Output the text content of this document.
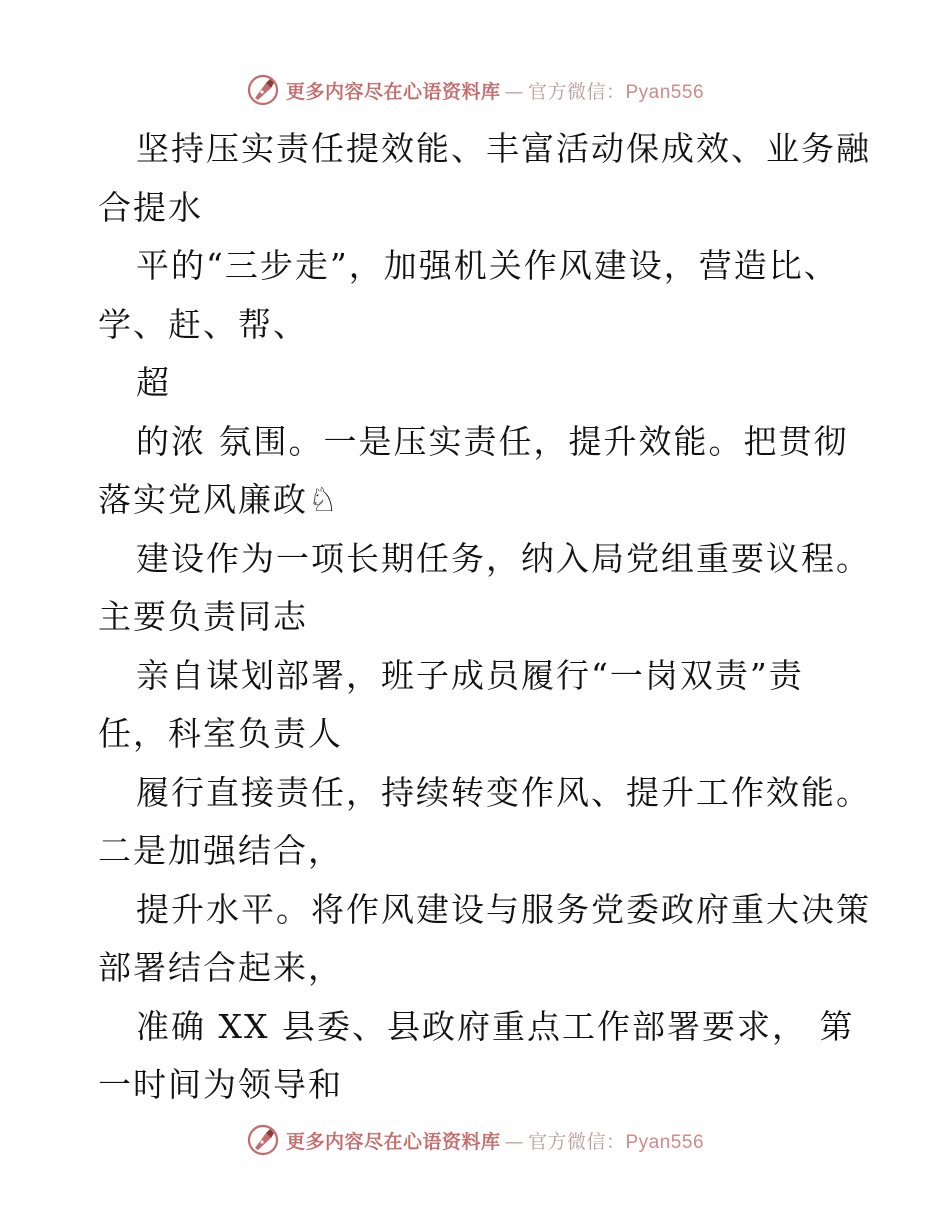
更多内容尽在心语资料库 — 官方微信：Pyan556
坚持压实责任提效能、丰富活动保成效、业务融
合提水
平的“三步走”，加强机关作风建设，营造比、
学、赶、帮、
超
的浓 氛围。一是压实责任，提升效能。把贯彻
落实党风廉政♘
建设作为一项长期任务，纳入局党组重要议程。
主要负责同志
亲自谋划部署，班子成员履行“一岗双责”责
任，科室负责人
履行直接责任，持续转变作风、提升工作效能。
二是加强结合，
提升水平。将作风建设与服务党委政府重大决策
部署结合起来，
准确 XX 县委、县政府重点工作部署要求， 第
一时间为领导和
更多内容尽在心语资料库 — 官方微信：Pyan556
